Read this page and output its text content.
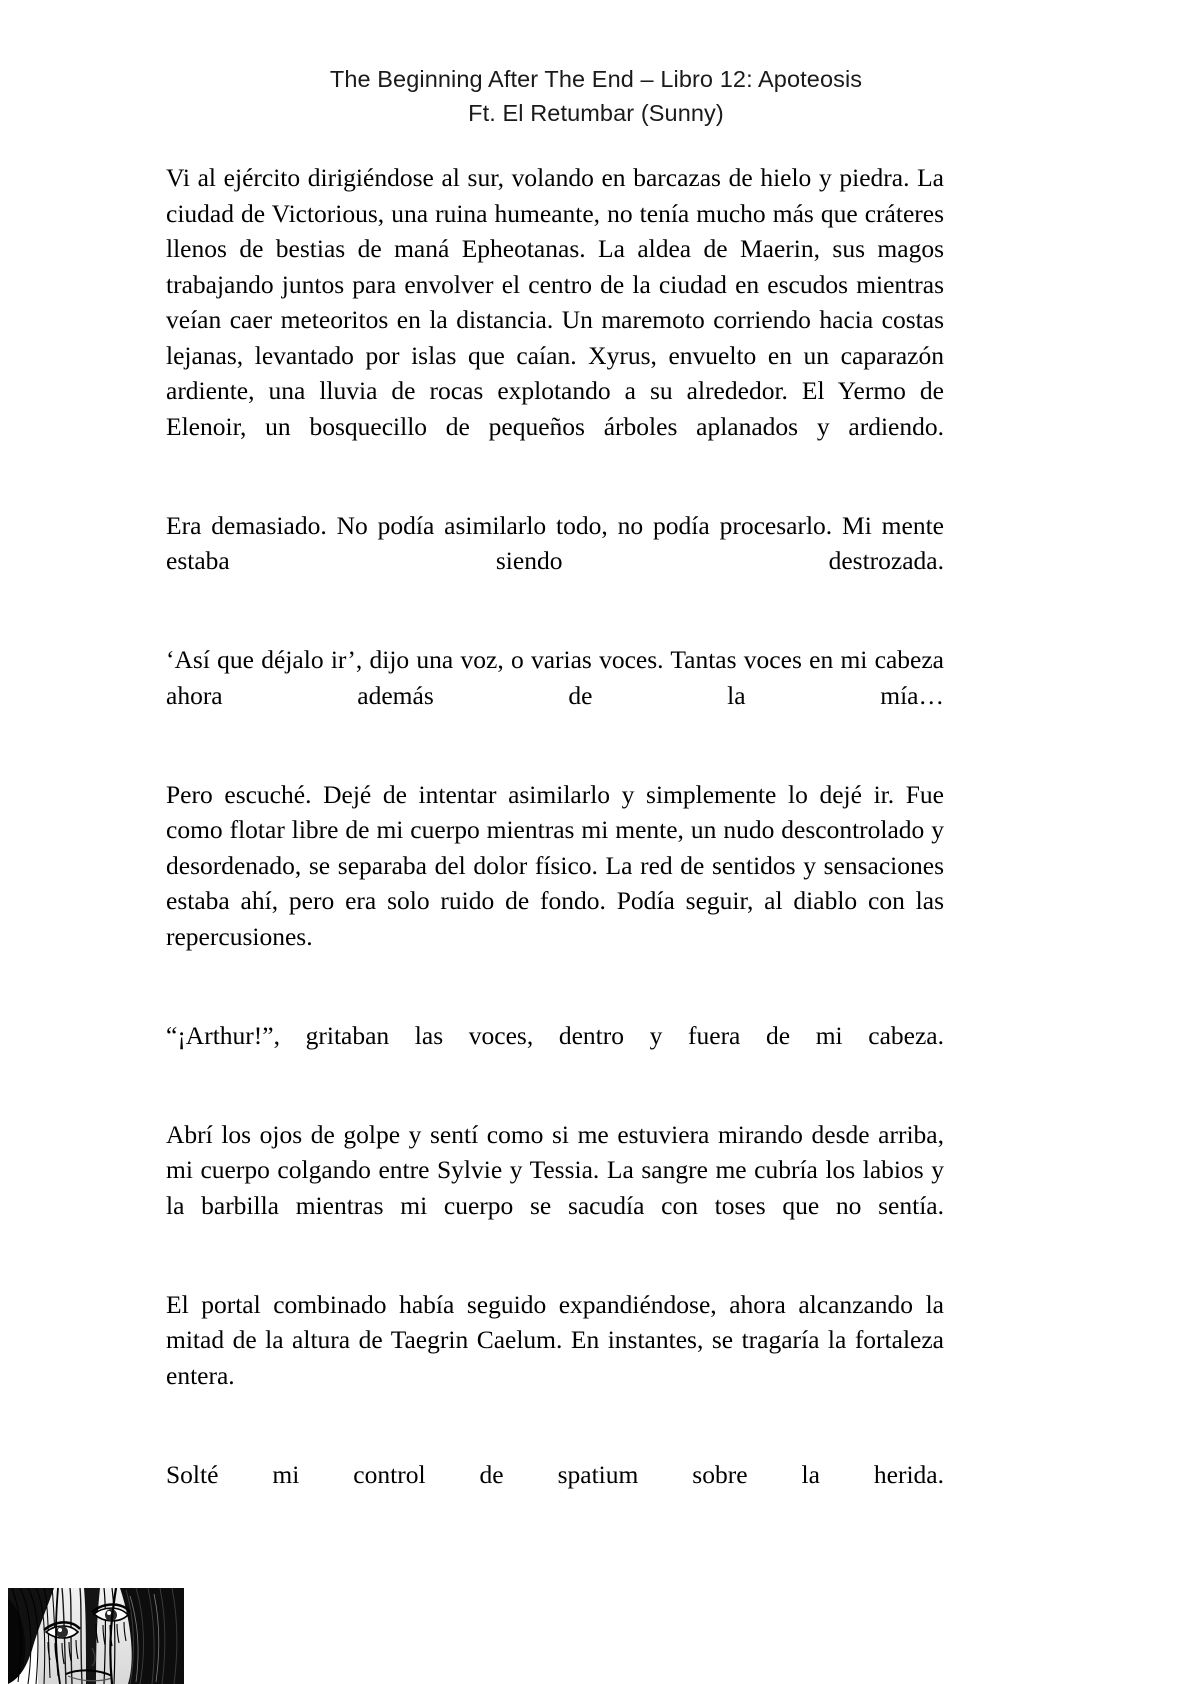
The Beginning After The End – Libro 12: Apoteosis
Ft. El Retumbar (Sunny)

Vi al ejército dirigiéndose al sur, volando en barcazas de hielo y piedra. La ciudad de Victorious, una ruina humeante, no tenía mucho más que cráteres llenos de bestias de maná Epheotanas. La aldea de Maerin, sus magos trabajando juntos para envolver el centro de la ciudad en escudos mientras veían caer meteoritos en la distancia. Un maremoto corriendo hacia costas lejanas, levantado por islas que caían. Xyrus, envuelto en un caparazón ardiente, una lluvia de rocas explotando a su alrededor. El Yermo de Elenoir, un bosquecillo de pequeños árboles aplanados y ardiendo.

Era demasiado. No podía asimilarlo todo, no podía procesarlo. Mi mente estaba siendo destrozada.

‘Así que déjalo ir’, dijo una voz, o varias voces. Tantas voces en mi cabeza ahora además de la mía…

Pero escuché. Dejé de intentar asimilarlo y simplemente lo dejé ir. Fue como flotar libre de mi cuerpo mientras mi mente, un nudo descontrolado y desordenado, se separaba del dolor físico. La red de sentidos y sensaciones estaba ahí, pero era solo ruido de fondo. Podía seguir, al diablo con las repercusiones.

“¡Arthur!”, gritaban las voces, dentro y fuera de mi cabeza.

Abrí los ojos de golpe y sentí como si me estuviera mirando desde arriba, mi cuerpo colgando entre Sylvie y Tessia. La sangre me cubría los labios y la barbilla mientras mi cuerpo se sacudía con toses que no sentía.

El portal combinado había seguido expandiéndose, ahora alcanzando la mitad de la altura de Taegrin Caelum. En instantes, se tragaría la fortaleza entera.

Solté mi control de spatium sobre la herida.
